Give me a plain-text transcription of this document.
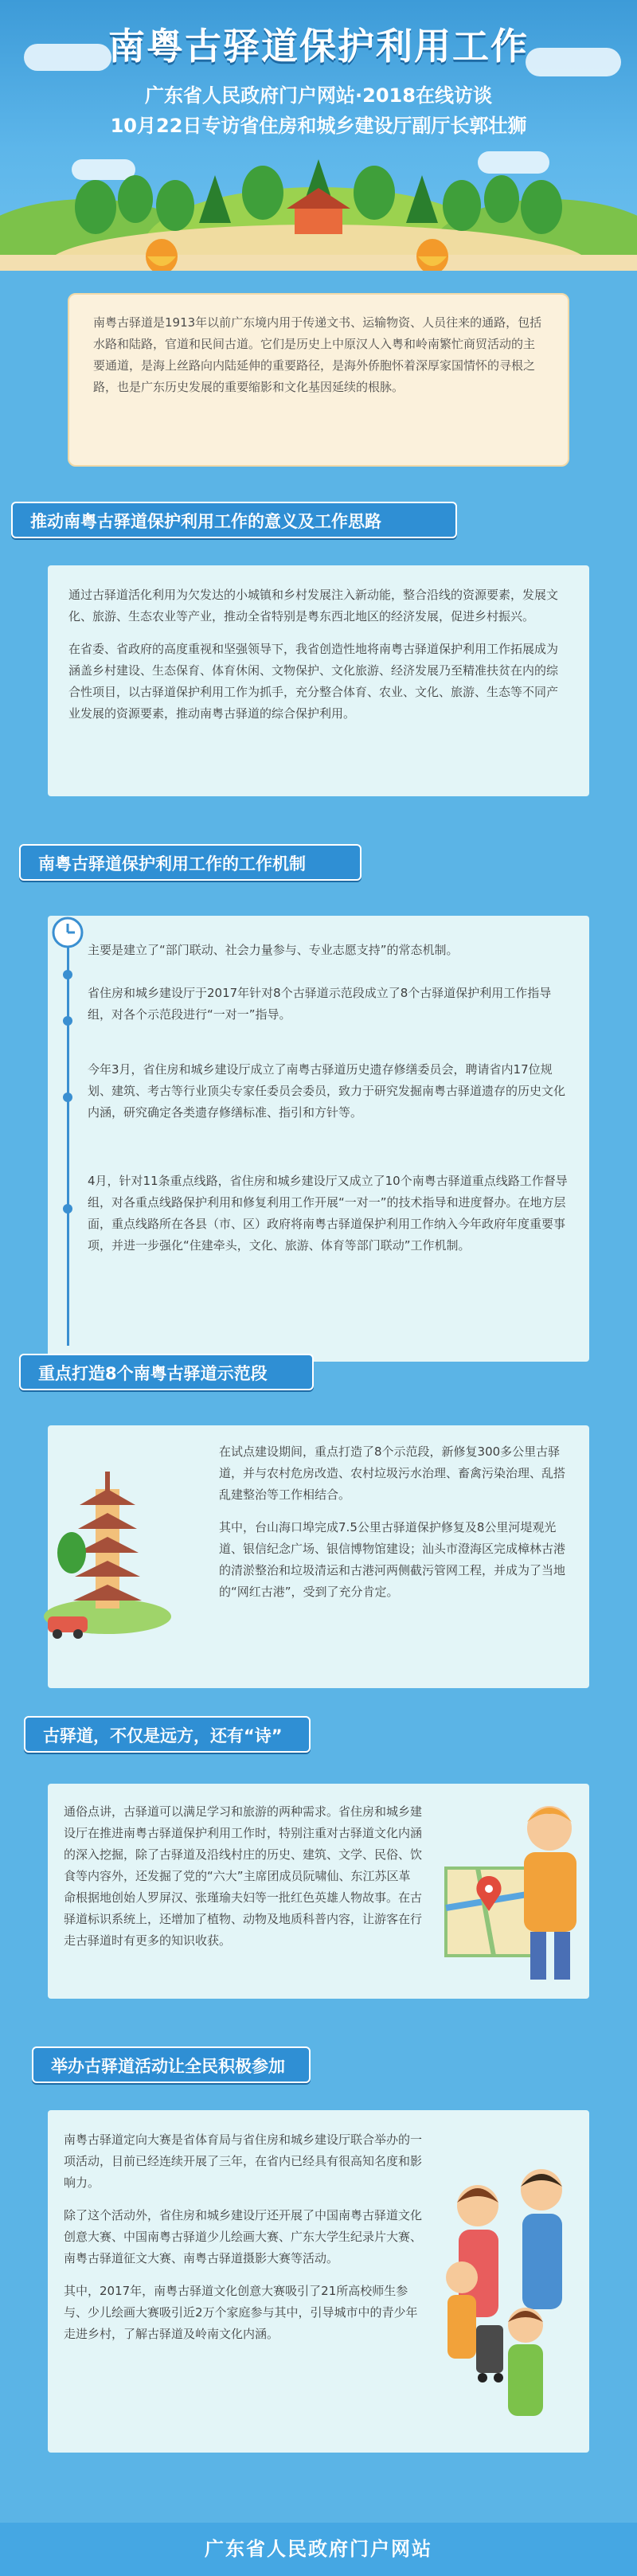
南粤古驿道保护利用工作
广东省人民政府门户网站·2018在线访谈
10月22日专访省住房和城乡建设厅副厅长郭壮狮

南粤古驿道是1913年以前广东境内用于传递文书、运输物资、人员往来的通路，包括水路和陆路，官道和民间古道。它们是历史上中原汉人入粤和岭南繁忙商贸活动的主要通道，是海上丝路向内陆延伸的重要路径，是海外侨胞怀着深厚家国情怀的寻根之路，也是广东历史发展的重要缩影和文化基因延续的根脉。

推动南粤古驿道保护利用工作的意义及工作思路

通过古驿道活化利用为欠发达的小城镇和乡村发展注入新动能，整合沿线的资源要素，发展文化、旅游、生态农业等产业，推动全省特别是粤东西北地区的经济发展，促进乡村振兴。

在省委、省政府的高度重视和坚强领导下，我省创造性地将南粤古驿道保护利用工作拓展成为涵盖乡村建设、生态保育、体育休闲、文物保护、文化旅游、经济发展乃至精准扶贫在内的综合性项目，以古驿道保护利用工作为抓手，充分整合体育、农业、文化、旅游、生态等不同产业发展的资源要素，推动南粤古驿道的综合保护利用。

南粤古驿道保护利用工作的工作机制

主要是建立了“部门联动、社会力量参与、专业志愿支持”的常态机制。

省住房和城乡建设厅于2017年针对8个古驿道示范段成立了8个古驿道保护利用工作指导组，对各个示范段进行“一对一”指导。

今年3月，省住房和城乡建设厅成立了南粤古驿道历史遗存修缮委员会，聘请省内17位规划、建筑、考古等行业顶尖专家任委员会委员，致力于研究发掘南粤古驿道遗存的历史文化内涵，研究确定各类遗存修缮标准、指引和方针等。

4月，针对11条重点线路，省住房和城乡建设厅又成立了10个南粤古驿道重点线路工作督导组，对各重点线路保护利用和修复利用工作开展“一对一”的技术指导和进度督办。在地方层面，重点线路所在各县（市、区）政府将南粤古驿道保护利用工作纳入今年政府年度重要事项，并进一步强化“住建牵头，文化、旅游、体育等部门联动”工作机制。

重点打造8个南粤古驿道示范段

在试点建设期间，重点打造了8个示范段，新修复300多公里古驿道，并与农村危房改造、农村垃圾污水治理、畜禽污染治理、乱搭乱建整治等工作相结合。

其中，台山海口埠完成7.5公里古驿道保护修复及8公里河堤观光道、银信纪念广场、银信博物馆建设；汕头市澄海区完成樟林古港的清淤整治和垃圾清运和古港河两侧截污管网工程，并成为了当地的“网红古港”，受到了充分肯定。

古驿道，不仅是远方，还有“诗”

通俗点讲，古驿道可以满足学习和旅游的两种需求。省住房和城乡建设厅在推进南粤古驿道保护利用工作时，特别注重对古驿道文化内涵的深入挖掘，除了古驿道及沿线村庄的历史、建筑、文学、民俗、饮食等内容外，还发掘了党的“六大”主席团成员阮啸仙、东江苏区革命根据地创始人罗屏汉、张瑾瑜夫妇等一批红色英雄人物故事。在古驿道标识系统上，还增加了植物、动物及地质科普内容，让游客在行走古驿道时有更多的知识收获。

举办古驿道活动让全民积极参加

南粤古驿道定向大赛是省体育局与省住房和城乡建设厅联合举办的一项活动，目前已经连续开展了三年，在省内已经具有很高知名度和影响力。

除了这个活动外，省住房和城乡建设厅还开展了中国南粤古驿道文化创意大赛、中国南粤古驿道少儿绘画大赛、广东大学生纪录片大赛、南粤古驿道征文大赛、南粤古驿道摄影大赛等活动。

其中，2017年，南粤古驿道文化创意大赛吸引了21所高校师生参与、少儿绘画大赛吸引近2万个家庭参与其中，引导城市中的青少年走进乡村，了解古驿道及岭南文化内涵。

广东省人民政府门户网站
